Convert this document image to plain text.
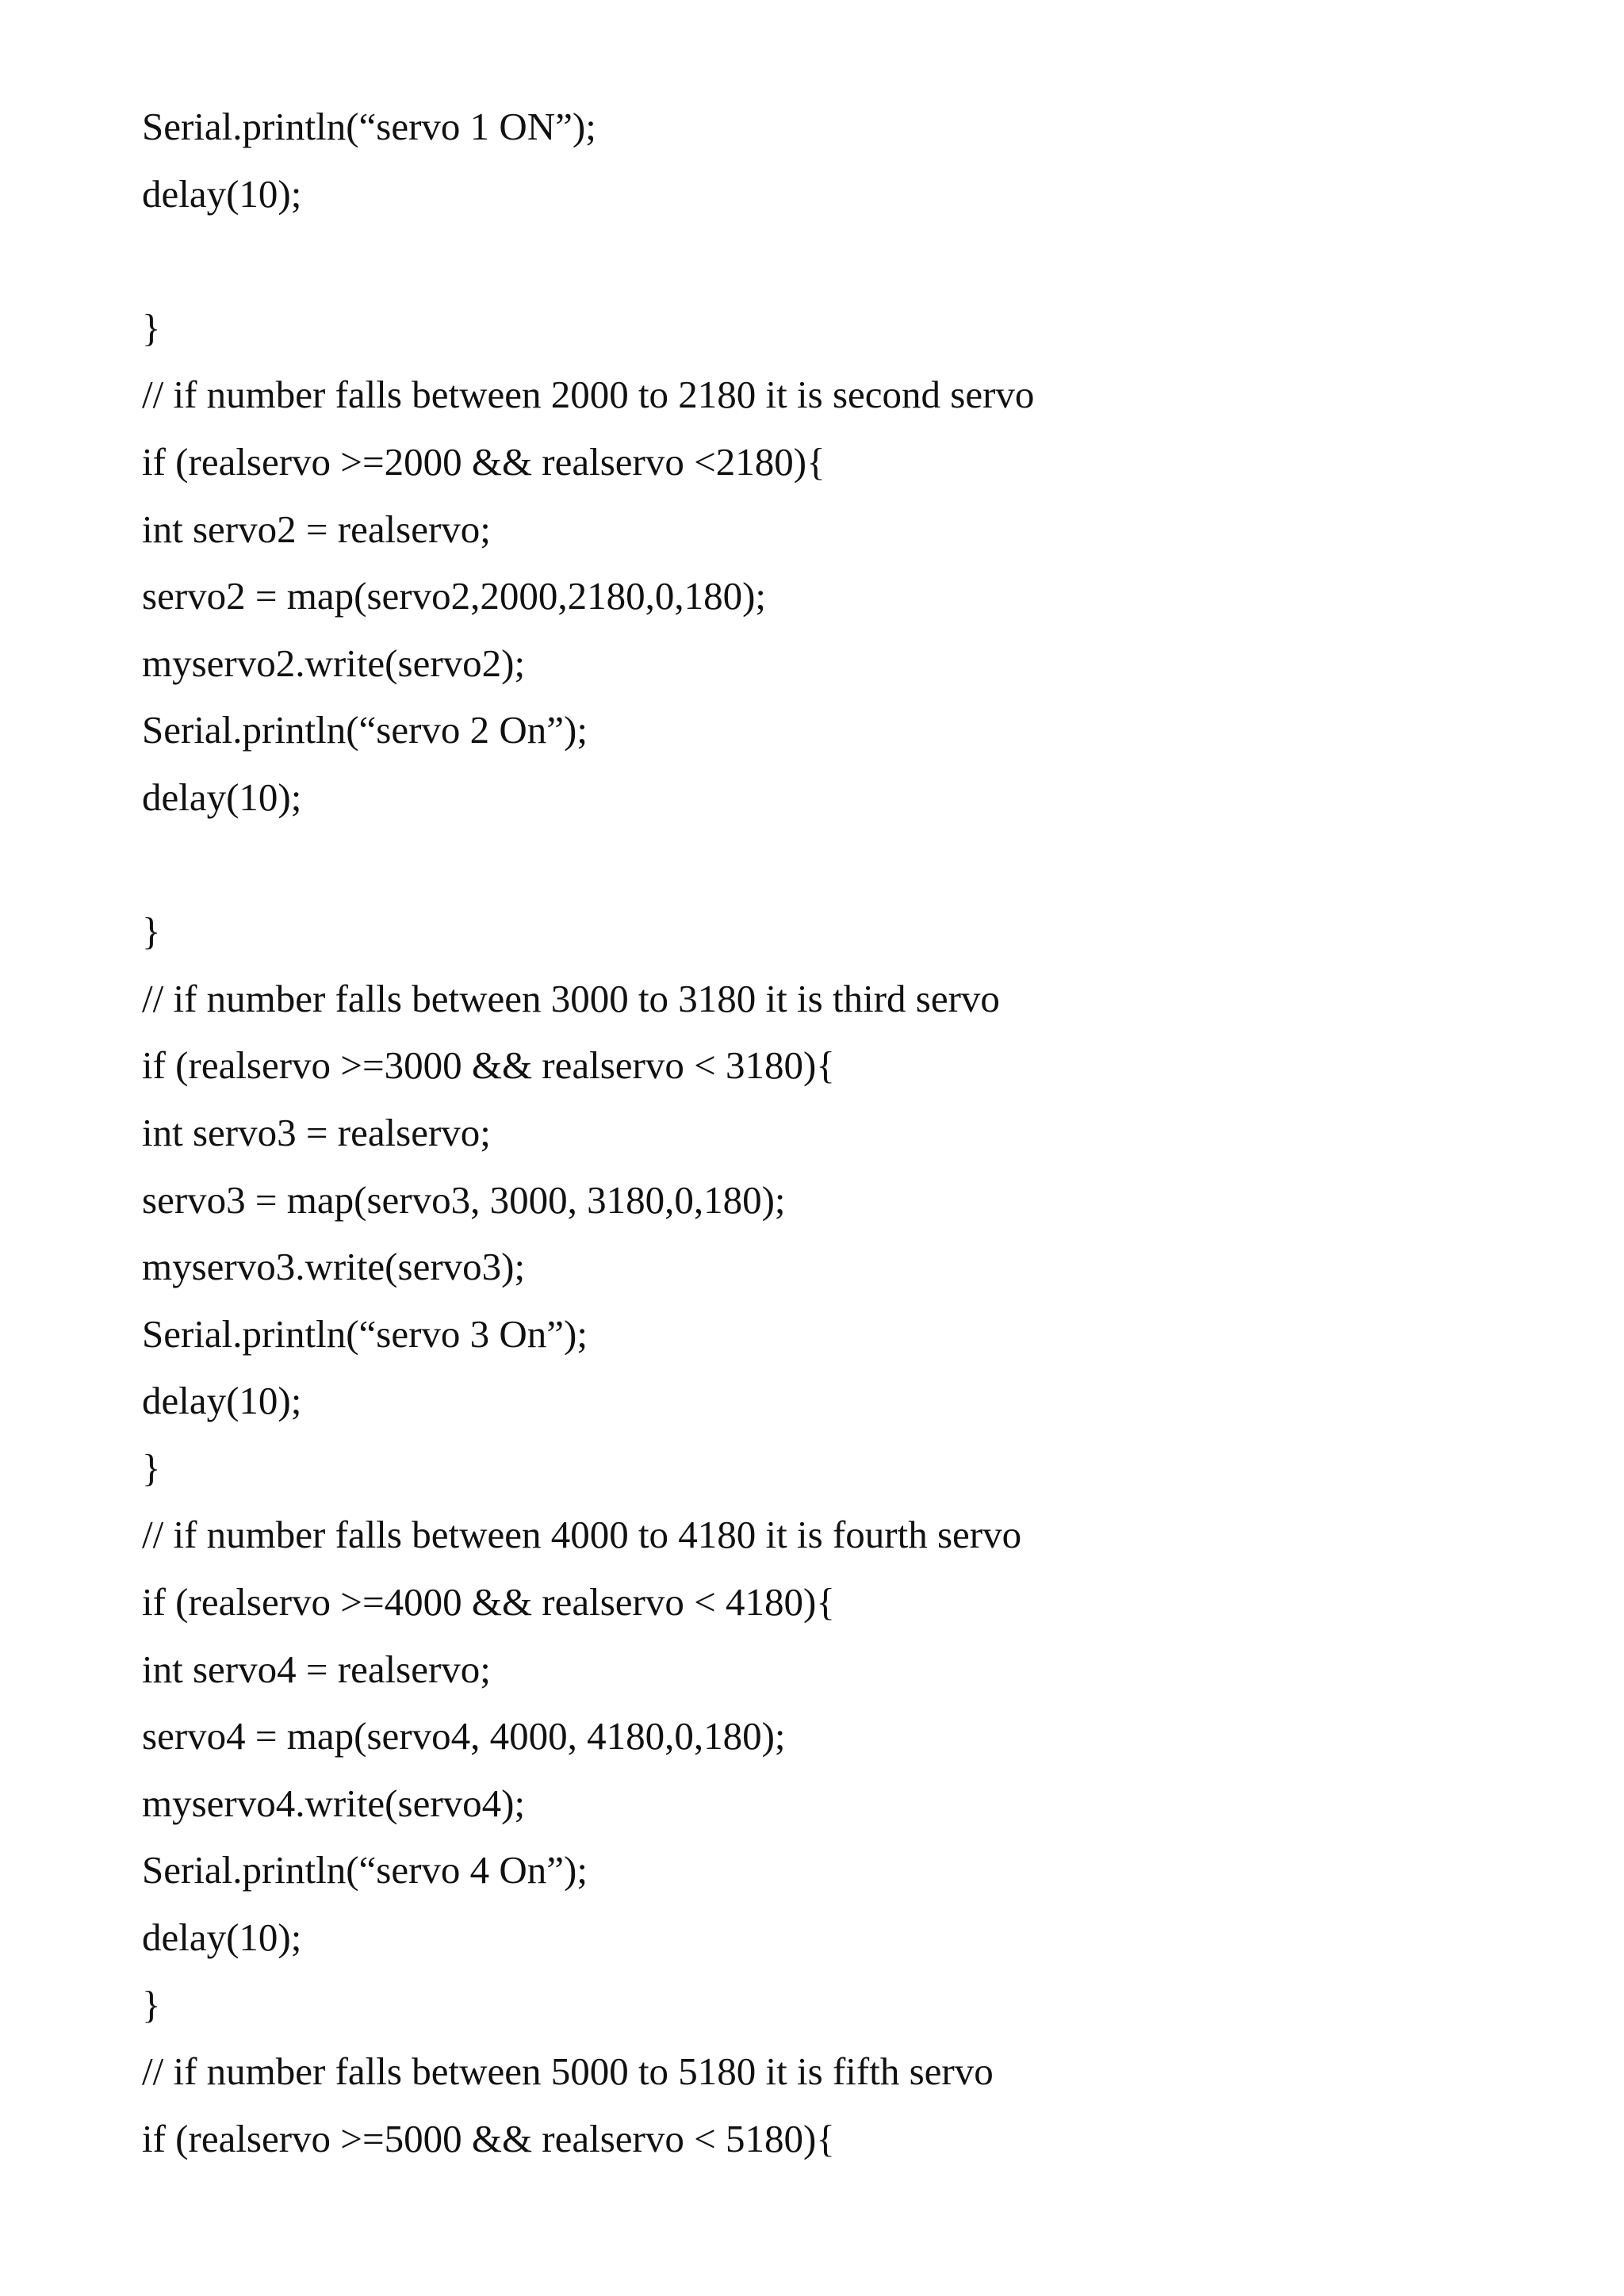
Serial.println(“servo 1 ON”);
delay(10);
}
// if number falls between 2000 to 2180 it is second servo
if (realservo >=2000 && realservo <2180){
int servo2 = realservo;
servo2 = map(servo2,2000,2180,0,180);
myservo2.write(servo2);
Serial.println(“servo 2 On”);
delay(10);
}
// if number falls between 3000 to 3180 it is third servo
if (realservo >=3000 && realservo < 3180){
int servo3 = realservo;
servo3 = map(servo3, 3000, 3180,0,180);
myservo3.write(servo3);
Serial.println(“servo 3 On”);
delay(10);
}
// if number falls between 4000 to 4180 it is fourth servo
if (realservo >=4000 && realservo < 4180){
int servo4 = realservo;
servo4 = map(servo4, 4000, 4180,0,180);
myservo4.write(servo4);
Serial.println(“servo 4 On”);
delay(10);
}
// if number falls between 5000 to 5180 it is fifth servo
if (realservo >=5000 && realservo < 5180){
